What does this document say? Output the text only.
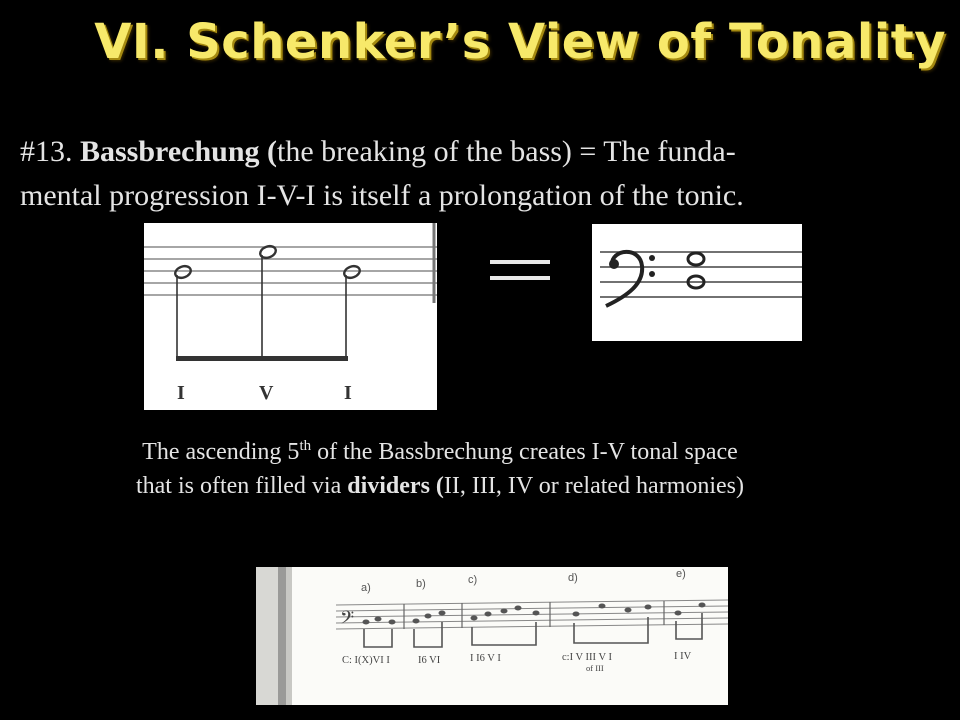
VI. Schenker’s View of Tonality

#13. Bassbrechung (the breaking of the bass) = The funda-
mental progression I-V-I is itself a prolongation of the tonic.

I	V	I

The ascending 5th of the Bassbrechung creates I-V tonal space
that is often filled via dividers (II, III, IV or related harmonies)

a)	b)	c)	d)	e)
𝄢
C: I(X)VI I	I6 VI	I I6 V I	c:I V III V I
of III
I IV
